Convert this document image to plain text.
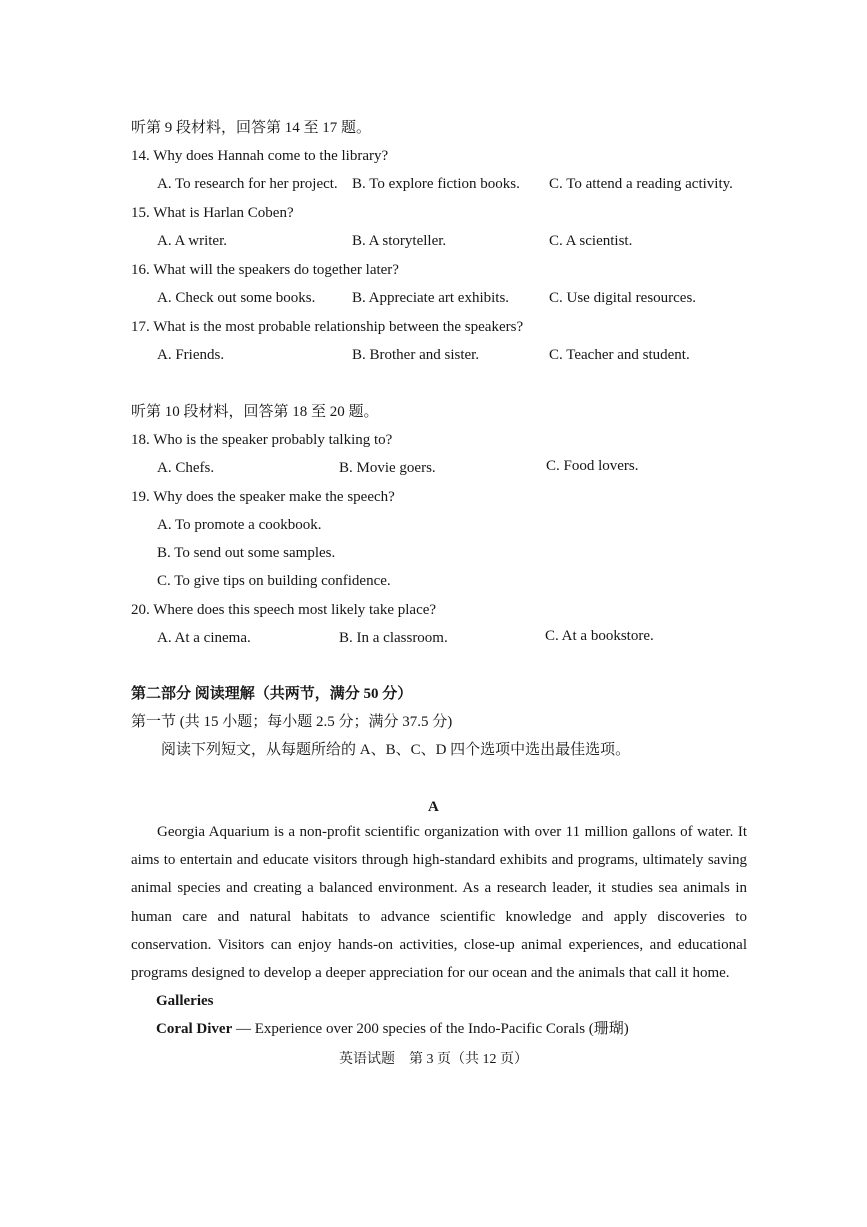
听第 9 段材料，回答第 14 至 17 题。
14. Why does Hannah come to the library?
A. To research for her project. B. To explore fiction books. C. To attend a reading activity.
15. What is Harlan Coben?
A. A writer.	B. A storyteller.	C. A scientist.
16. What will the speakers do together later?
A. Check out some books. B. Appreciate art exhibits.	C. Use digital resources.
17. What is the most probable relationship between the speakers?
A. Friends.	B. Brother and sister.	C. Teacher and student.
听第 10 段材料，回答第 18 至 20 题。
18. Who is the speaker probably talking to?
A. Chefs.	B. Movie goers.	C. Food lovers.
19. Why does the speaker make the speech?
A. To promote a cookbook.
B. To send out some samples.
C. To give tips on building confidence.
20. Where does this speech most likely take place?
A. At a cinema.	B. In a classroom.	C. At a bookstore.
第二部分 阅读理解（共两节，满分 50 分）
第一节 (共 15 小题；每小题 2.5 分；满分 37.5 分)
阅读下列短文，从每题所给的 A、B、C、D 四个选项中选出最佳选项。
A
Georgia Aquarium is a non-profit scientific organization with over 11 million gallons of water. It aims to entertain and educate visitors through high-standard exhibits and programs, ultimately saving animal species and creating a balanced environment. As a research leader, it studies sea animals in human care and natural habitats to advance scientific knowledge and apply discoveries to conservation. Visitors can enjoy hands-on activities, close-up animal experiences, and educational programs designed to develop a deeper appreciation for our ocean and the animals that call it home.
Galleries
Coral Diver — Experience over 200 species of the Indo-Pacific Corals (珊瑚)
英语试题　第 3 页（共 12 页）
